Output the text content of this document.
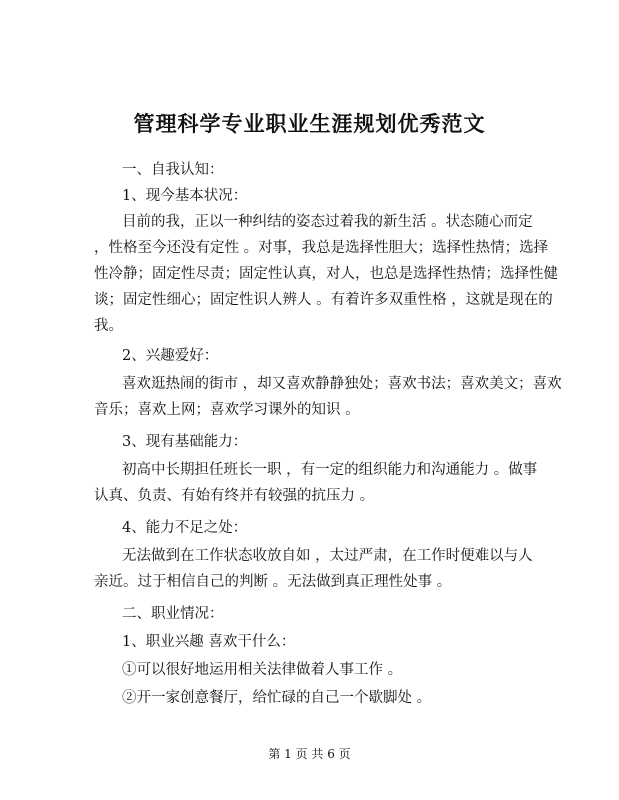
管理科学专业职业生涯规划优秀范文
一、自我认知：
1、现今基本状况：
目前的我，正以一种纠结的姿态过着我的新生活 。状态随心而定
，性格至今还没有定性 。对事，我总是选择性胆大；选择性热情；选择
性冷静；固定性尽责；固定性认真，对人，也总是选择性热情；选择性健
谈；固定性细心；固定性识人辨人 。有着许多双重性格 ，这就是现在的
我。
2、兴趣爱好：
喜欢逛热闹的街市 ，却又喜欢静静独处；喜欢书法；喜欢美文；喜欢
音乐；喜欢上网；喜欢学习课外的知识 。
3、现有基础能力：
初高中长期担任班长一职 ，有一定的组织能力和沟通能力 。做事
认真、负责、有始有终并有较强的抗压力 。
4、能力不足之处：
无法做到在工作状态收放自如 ，太过严肃，在工作时便难以与人
亲近。过于相信自己的判断 。无法做到真正理性处事 。
二、职业情况：
1、职业兴趣 喜欢干什么：
①可以很好地运用相关法律做着人事工作 。
②开一家创意餐厅，给忙碌的自己一个歇脚处 。
第 1 页 共 6 页
